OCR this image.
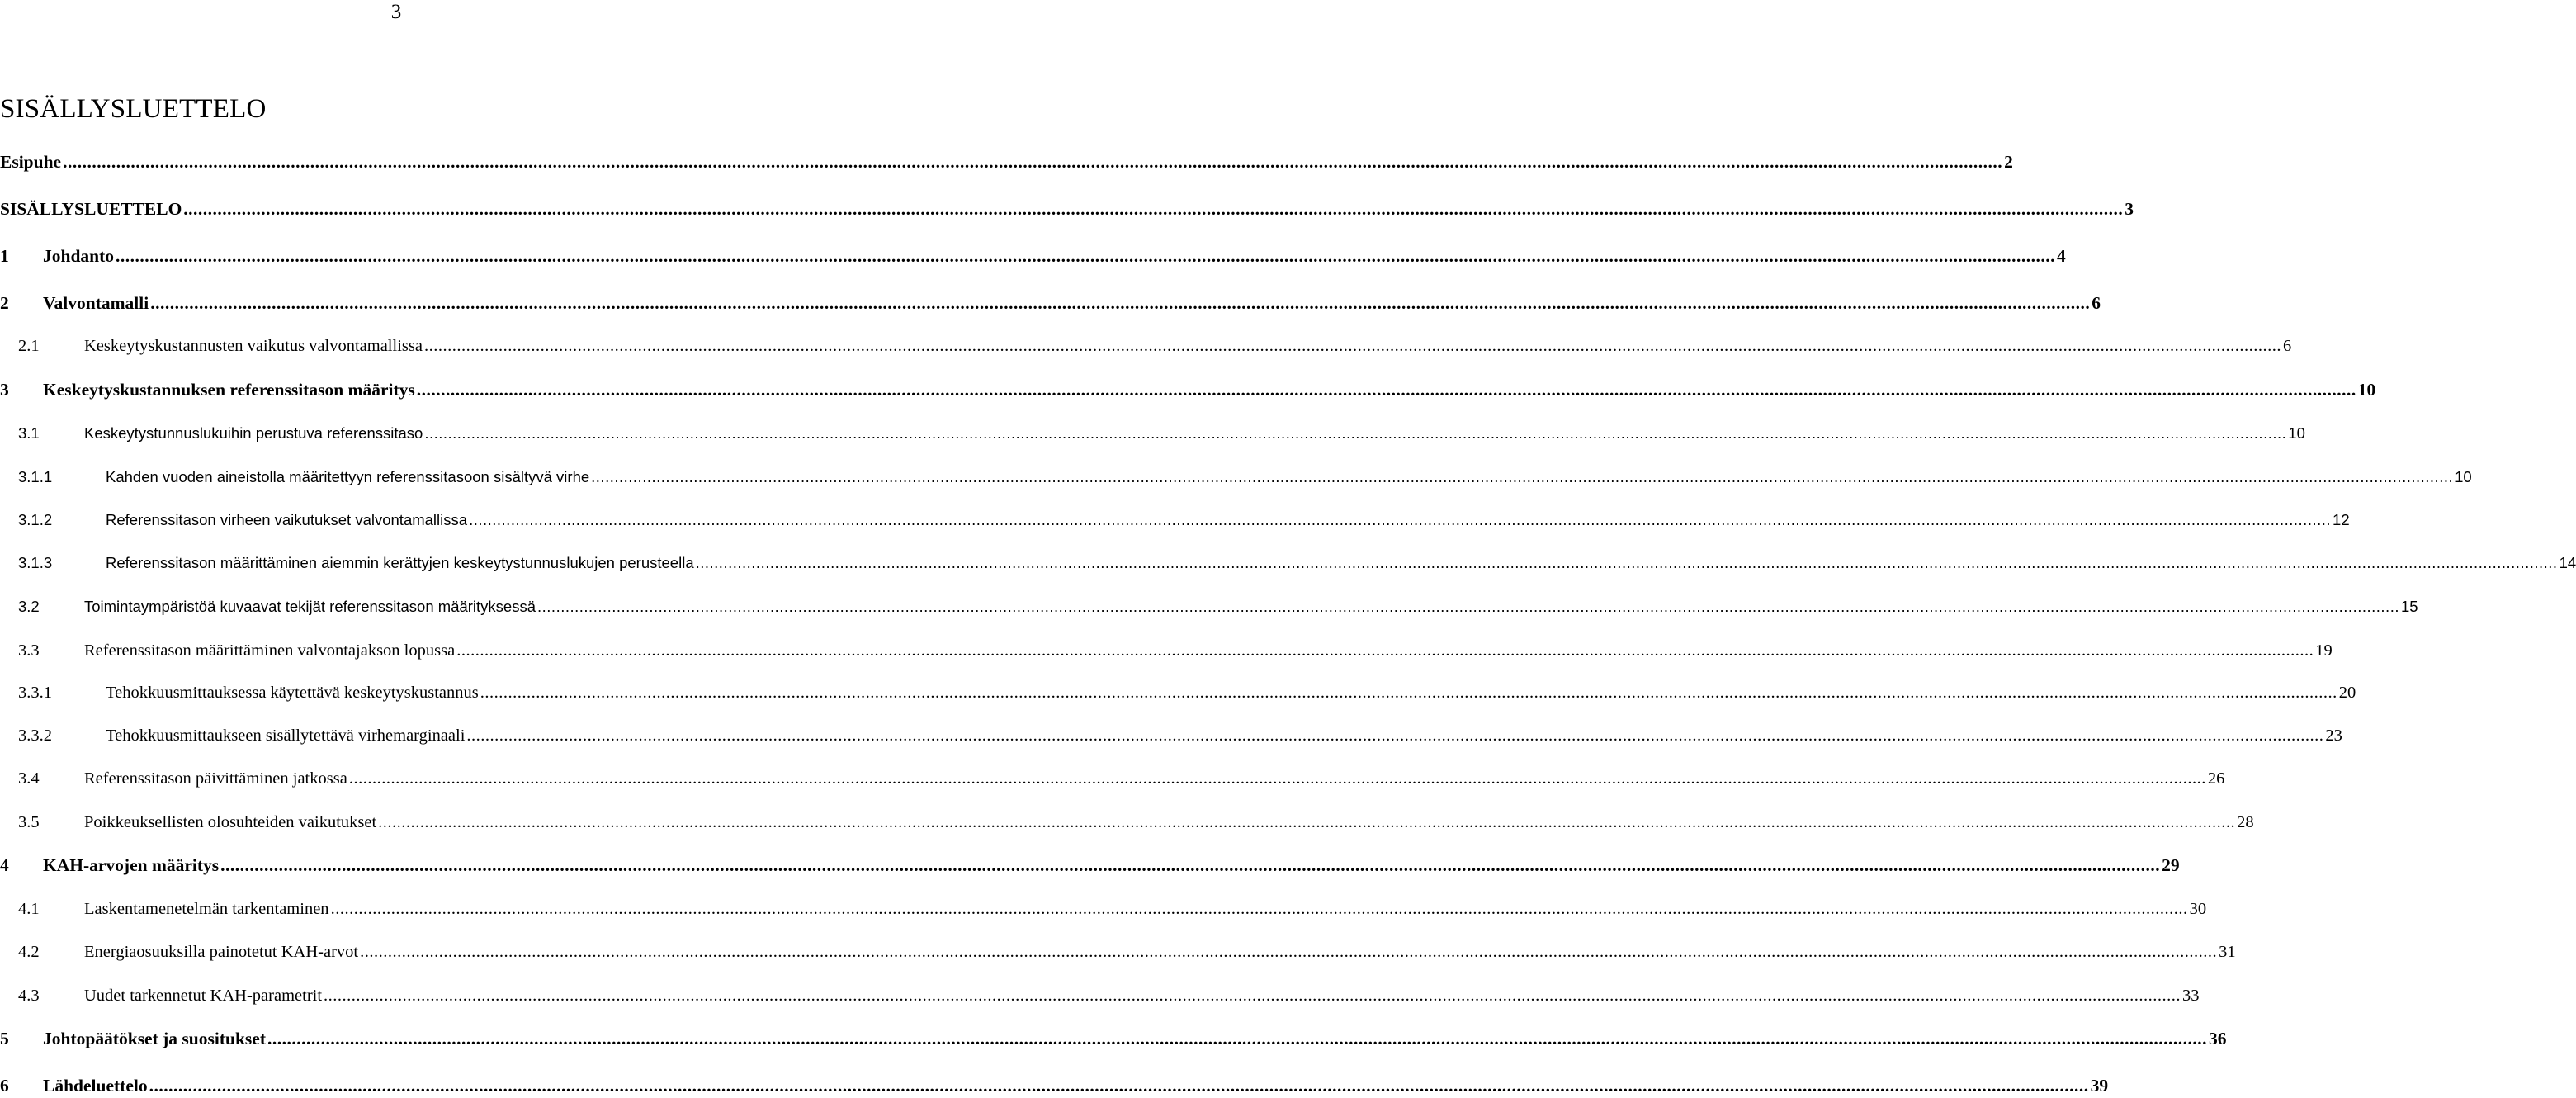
3
SISÄLLYSLUETTELO
Esipuhe ................................................................................................................................................................................................................................................................................................................................................................................................................ 2
SISÄLLYSLUETTELO ................................................................................................................................................................................................................................................................................................................................................................................................................ 3
1 Johdanto ................................................................................................................................................................................................................................................................................................................................................................................................................ 4
2 Valvontamalli ................................................................................................................................................................................................................................................................................................................................................................................................................ 6
2.1	Keskeytyskustannusten vaikutus valvontamallissa ................................................................................................................................................................................................................................................................................................................................................................................................................ 6
3 Keskeytyskustannuksen referenssitason määritys ................................................................................................................................................................................................................................................................................................................................................................................................................ 10
3.1	Keskeytystunnuslukuihin perustuva referenssitaso ................................................................................................................................................................................................................................................................................................................................................................................................................ 10
3.1.1	Kahden vuoden aineistolla määritettyyn referenssitasoon sisältyvä virhe ................................................................................................................................................................................................................................................................................................................................................................................................................ 10
3.1.2	Referenssitason virheen vaikutukset valvontamallissa ................................................................................................................................................................................................................................................................................................................................................................................................................ 12
3.1.3	Referenssitason määrittäminen aiemmin kerättyjen keskeytystunnuslukujen perusteella ................................................................................................................................................................................................................................................................................................................................................................................................................ 14
3.2	Toimintaympäristöä kuvaavat tekijät referenssitason määrityksessä ................................................................................................................................................................................................................................................................................................................................................................................................................ 15
3.3	Referenssitason määrittäminen valvontajakson lopussa ................................................................................................................................................................................................................................................................................................................................................................................................................ 19
3.3.1	Tehokkuusmittauksessa käytettävä keskeytyskustannus ................................................................................................................................................................................................................................................................................................................................................................................................................ 20
3.3.2	Tehokkuusmittaukseen sisällytettävä virhemarginaali ................................................................................................................................................................................................................................................................................................................................................................................................................ 23
3.4	Referenssitason päivittäminen jatkossa ................................................................................................................................................................................................................................................................................................................................................................................................................ 26
3.5	Poikkeuksellisten olosuhteiden vaikutukset ................................................................................................................................................................................................................................................................................................................................................................................................................ 28
4 KAH-arvojen määritys ................................................................................................................................................................................................................................................................................................................................................................................................................ 29
4.1	Laskentamenetelmän tarkentaminen ................................................................................................................................................................................................................................................................................................................................................................................................................ 30
4.2	Energiaosuuksilla painotetut KAH-arvot ................................................................................................................................................................................................................................................................................................................................................................................................................ 31
4.3	Uudet tarkennetut KAH-parametrit ................................................................................................................................................................................................................................................................................................................................................................................................................ 33
5 Johtopäätökset ja suositukset ................................................................................................................................................................................................................................................................................................................................................................................................................ 36
6 Lähdeluettelo ................................................................................................................................................................................................................................................................................................................................................................................................................ 39
